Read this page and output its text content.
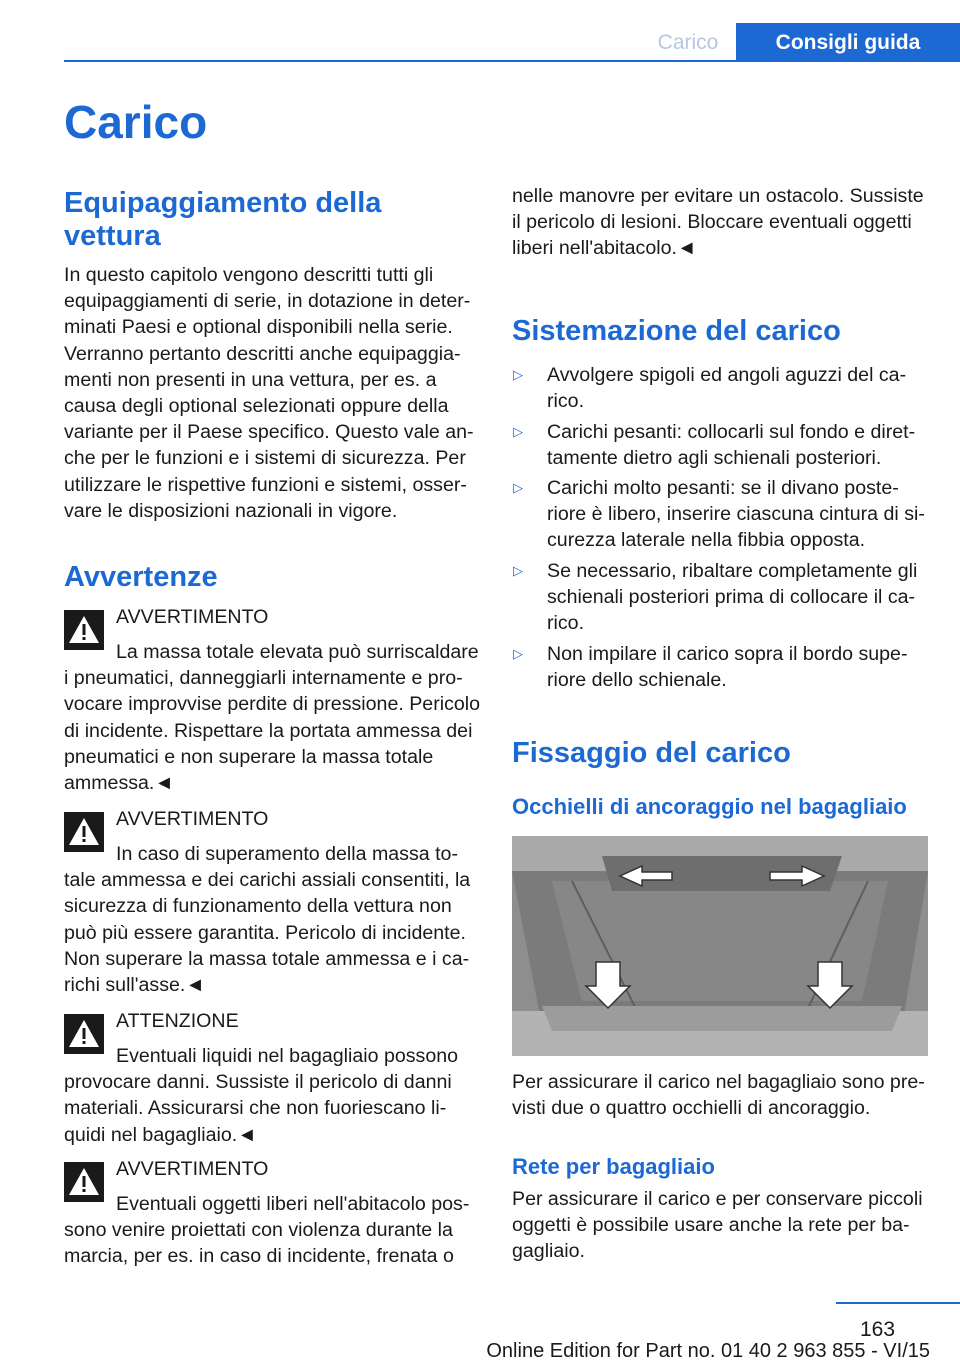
Carico	Consigli guida
Carico
Equipaggiamento della vettura

In questo capitolo vengono descritti tutti gli equipaggiamenti di serie, in dotazione in determinati Paesi e optional disponibili nella serie. Verranno pertanto descritti anche equipaggiamenti non presenti in una vettura, per es. a causa degli optional selezionati oppure della variante per il Paese specifico. Questo vale anche per le funzioni e i sistemi di sicurezza. Per utilizzare le rispettive funzioni e sistemi, osservare le disposizioni nazionali in vigore.

Avvertenze
AVVERTIMENTO

La massa totale elevata può surriscaldare i pneumatici, danneggiarli internamente e provocare improvvise perdite di pressione. Pericolo di incidente. Rispettare la portata ammessa dei pneumatici e non superare la massa totale ammessa.◄

AVVERTIMENTO

In caso di superamento della massa totale ammessa e dei carichi assiali consentiti, la sicurezza di funzionamento della vettura non può più essere garantita. Pericolo di incidente. Non superare la massa totale ammessa e i carichi sull'asse.◄

ATTENZIONE

Eventuali liquidi nel bagagliaio possono provocare danni. Sussiste il pericolo di danni materiali. Assicurarsi che non fuoriescano liquidi nel bagagliaio.◄

AVVERTIMENTO

Eventuali oggetti liberi nell'abitacolo possono venire proiettati con violenza durante la marcia, per es. in caso di incidente, frenata o

nelle manovre per evitare un ostacolo. Sussiste il pericolo di lesioni. Bloccare eventuali oggetti liberi nell'abitacolo.◄

Sistemazione del carico
▷	Avvolgere spigoli ed angoli aguzzi del carico.
▷	Carichi pesanti: collocarli sul fondo e direttamente dietro agli schienali posteriori.
▷	Carichi molto pesanti: se il divano posteriore è libero, inserire ciascuna cintura di sicurezza laterale nella fibbia opposta.
▷	Se necessario, ribaltare completamente gli schienali posteriori prima di collocare il carico.
▷	Non impilare il carico sopra il bordo superiore dello schienale.
Fissaggio del carico
Occhielli di ancoraggio nel bagagliaio

Per assicurare il carico nel bagagliaio sono previsti due o quattro occhielli di ancoraggio.

Rete per bagagliaio

Per assicurare il carico e per conservare piccoli oggetti è possibile usare anche la rete per bagagliaio.

163
Online Edition for Part no. 01 40 2 963 855 - VI/15
